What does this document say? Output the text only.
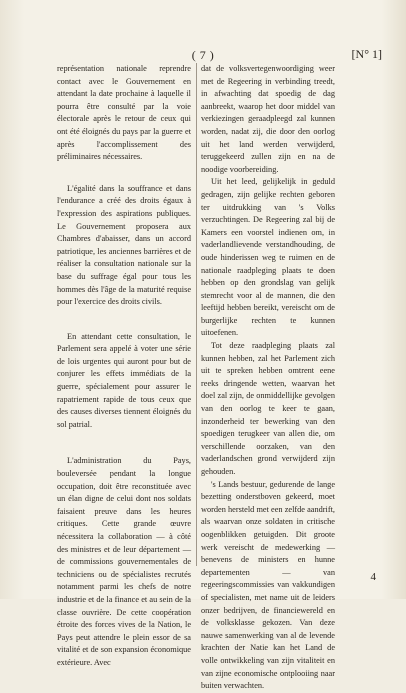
( 7 )	[N° 1]

représentation nationale reprendre contact avec le Gouvernement en attendant la date prochaine à laquelle il pourra être consulté par la voie électorale après le retour de ceux qui ont été éloignés du pays par la guerre et après l'accomplissement des préliminaires nécessaires.

L'égalité dans la souffrance et dans l'endurance a créé des droits égaux à l'expression des aspirations publiques. Le Gouvernement proposera aux Chambres d'abaisser, dans un accord patriotique, les anciennes barrières et de réaliser la consultation nationale sur la base du suffrage égal pour tous les hommes dès l'âge de la maturité requise pour l'exercice des droits civils.

En attendant cette consultation, le Parlement sera appelé à voter une série de lois urgentes qui auront pour but de conjurer les effets immédiats de la guerre, spécialement pour assurer le rapatriement rapide de tous ceux que des causes diverses tiennent éloignés du sol patrial.

L'administration du Pays, bouleversée pendant la longue occupation, doit être reconstituée avec un élan digne de celui dont nos soldats faisaient preuve dans les heures critiques. Cette grande œuvre nécessitera la collaboration — à côté des ministres et de leur département — de commissions gouvernementales de techniciens ou de spécialistes recrutés notamment parmi les chefs de notre industrie et de la finance et au sein de la classe ouvrière. De cette coopération étroite des forces vives de la Nation, le Pays peut attendre le plein essor de sa vitalité et de son expansion économique extérieure. Avec

dat de volksvertegenwoordiging weer met de Regeering in verbinding treedt, in afwachting dat spoedig de dag aanbreekt, waarop het door middel van verkiezingen geraadpleegd zal kunnen worden, nadat zij, die door den oorlog uit het land werden verwijderd, teruggekeerd zullen zijn en na de noodige voorbereiding.

Uit het leed, gelijkelijk in geduld gedragen, zijn gelijke rechten geboren ter uitdrukking van 's Volks verzuchtingen. De Regeering zal bij de Kamers een voorstel indienen om, in vaderlandlievende verstandhouding, de oude hinderissen weg te ruimen en de nationale raadpleging plaats te doen hebben op den grondslag van gelijk stemrecht voor al de mannen, die den leeftijd hebben bereikt, vereischt om de burgerlijke rechten te kunnen uitoefenen.

Tot deze raadpleging plaats zal kunnen hebben, zal het Parlement zich uit te spreken hebben omtrent eene reeks dringende wetten, waarvan het doel zal zijn, de onmiddellijke gevolgen van den oorlog te keer te gaan, inzonderheid ter bewerking van den spoedigen terugkeer van allen die, om verschillende oorzaken, van den vaderlandschen grond verwijderd zijn gehouden.

's Lands bestuur, gedurende de lange bezetting onderstboven gekeerd, moet worden hersteld met een zelfde aandrift, als waarvan onze soldaten in critische oogenblikken getuigden. Dit groote werk vereischt de medewerking — benevens de ministers en hunne departementen — van regeeringscommissies van vakkundigen of specialisten, met name uit de leiders onzer bedrijven, de financiewereld en de volksklasse gekozen. Van deze nauwe samenwerking van al de levende krachten der Natie kan het Land de volle ontwikkeling van zijn vitaliteit en van zijne economische ontplooiing naar buiten verwachten.

4
